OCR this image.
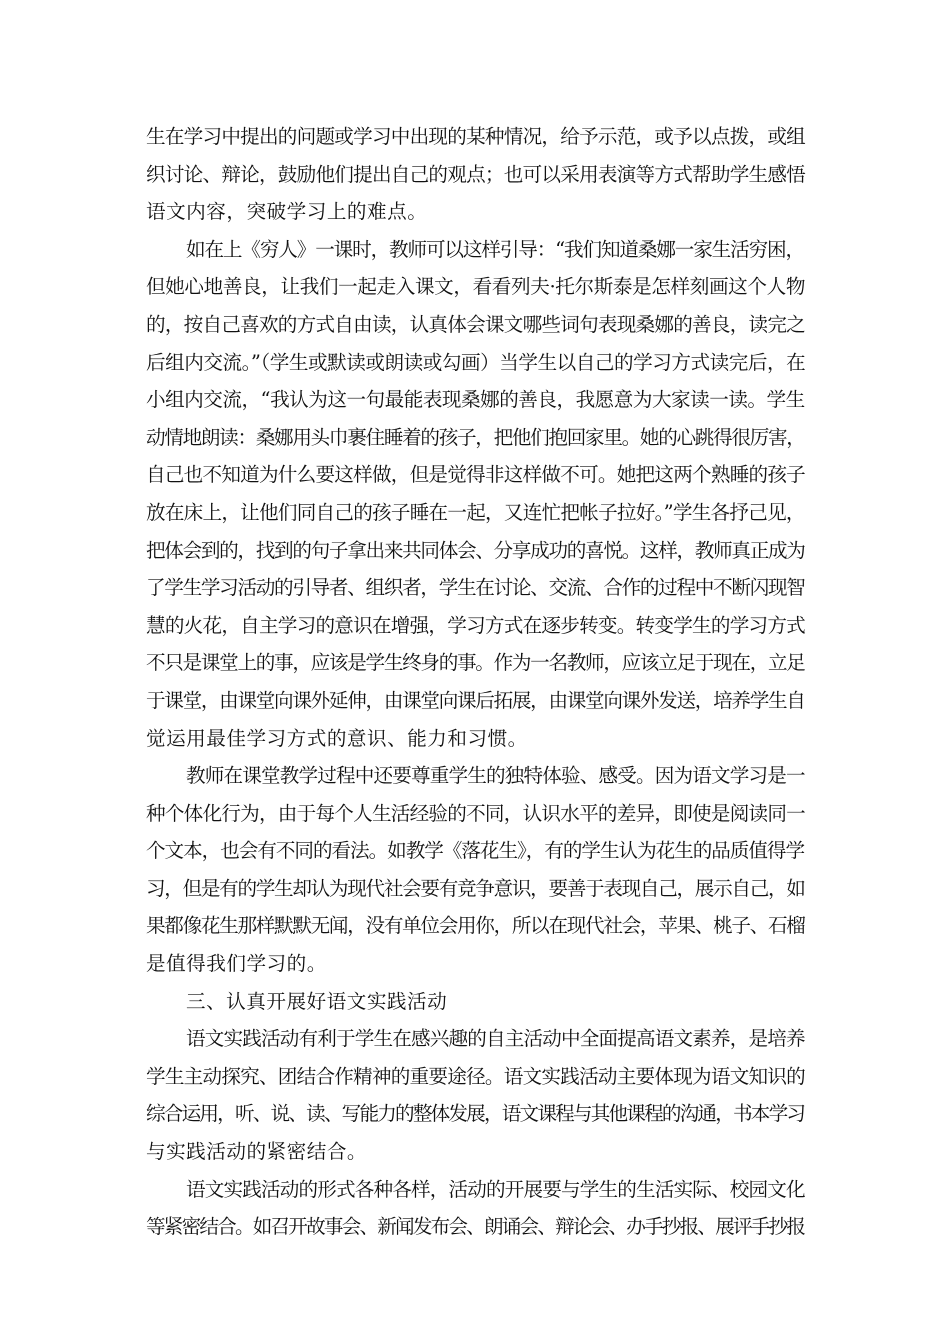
生在学习中提出的问题或学习中出现的某种情况，给予示范，或予以点拨，或组
织讨论、辩论，鼓励他们提出自己的观点；也可以采用表演等方式帮助学生感悟
语文内容，突破学习上的难点。
如在上《穷人》一课时，教师可以这样引导：“我们知道桑娜一家生活穷困，
但她心地善良，让我们一起走入课文，看看列夫·托尔斯泰是怎样刻画这个人物
的，按自己喜欢的方式自由读，认真体会课文哪些词句表现桑娜的善良，读完之
后组内交流。”（学生或默读或朗读或勾画）当学生以自己的学习方式读完后，在
小组内交流，“我认为这一句最能表现桑娜的善良，我愿意为大家读一读。学生
动情地朗读：桑娜用头巾裹住睡着的孩子，把他们抱回家里。她的心跳得很厉害，
自己也不知道为什么要这样做，但是觉得非这样做不可。她把这两个熟睡的孩子
放在床上，让他们同自己的孩子睡在一起，又连忙把帐子拉好。”学生各抒己见，
把体会到的，找到的句子拿出来共同体会、分享成功的喜悦。这样，教师真正成为
了学生学习活动的引导者、组织者，学生在讨论、交流、合作的过程中不断闪现智
慧的火花，自主学习的意识在增强，学习方式在逐步转变。转变学生的学习方式
不只是课堂上的事，应该是学生终身的事。作为一名教师，应该立足于现在，立足
于课堂，由课堂向课外延伸，由课堂向课后拓展，由课堂向课外发送，培养学生自
觉运用最佳学习方式的意识、能力和习惯。
教师在课堂教学过程中还要尊重学生的独特体验、感受。因为语文学习是一
种个体化行为，由于每个人生活经验的不同，认识水平的差异，即使是阅读同一
个文本，也会有不同的看法。如教学《落花生》，有的学生认为花生的品质值得学
习，但是有的学生却认为现代社会要有竞争意识，要善于表现自己，展示自己，如
果都像花生那样默默无闻，没有单位会用你，所以在现代社会，苹果、桃子、石榴
是值得我们学习的。
三、认真开展好语文实践活动
语文实践活动有利于学生在感兴趣的自主活动中全面提高语文素养，是培养
学生主动探究、团结合作精神的重要途径。语文实践活动主要体现为语文知识的
综合运用，听、说、读、写能力的整体发展，语文课程与其他课程的沟通，书本学习
与实践活动的紧密结合。
语文实践活动的形式各种各样，活动的开展要与学生的生活实际、校园文化
等紧密结合。如召开故事会、新闻发布会、朗诵会、辩论会、办手抄报、展评手抄报
